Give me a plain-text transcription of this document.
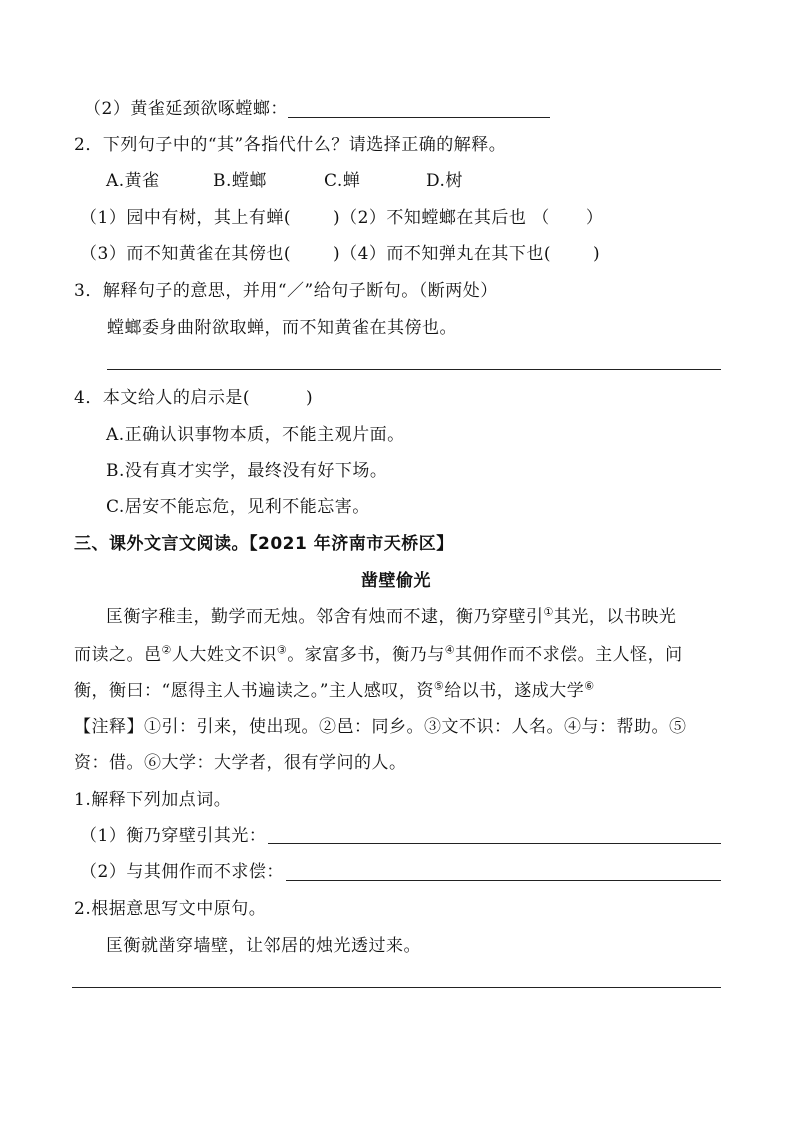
（2）黄雀延颈欲啄螳螂：
2．下列句子中的“其”各指代什么？请选择正确的解释。
A.黄雀	B.螳螂	C.蝉	D.树
（1）园中有树，其上有蝉( )（2）不知螳螂在其后也 （ ）
（3）而不知黄雀在其傍也( )（4）而不知弹丸在其下也( )
3．解释句子的意思，并用“／”给句子断句。（断两处）
螳螂委身曲附欲取蝉，而不知黄雀在其傍也。
4．本文给人的启示是(	)
A.正确认识事物本质，不能主观片面。
B.没有真才实学，最终没有好下场。
C.居安不能忘危，见利不能忘害。
三、课外文言文阅读。【2021 年济南市天桥区】
凿壁偷光
匡衡字稚圭，勤学而无烛。邻舍有烛而不逮，衡乃穿壁引①其光，以书映光
而读之。邑②人大姓文不识③。家富多书，衡乃与④其佣作而不求偿。主人怪，问
衡，衡曰：“愿得主人书遍读之。”主人感叹，资⑤给以书，遂成大学⑥
【注释】①引：引来，使出现。②邑：同乡。③文不识：人名。④与：帮助。⑤
资：借。⑥大学：大学者，很有学问的人。
1.解释下列加点词。
（1）衡乃穿壁引其光：
（2）与其佣作而不求偿：
2.根据意思写文中原句。
匡衡就凿穿墙壁，让邻居的烛光透过来。
